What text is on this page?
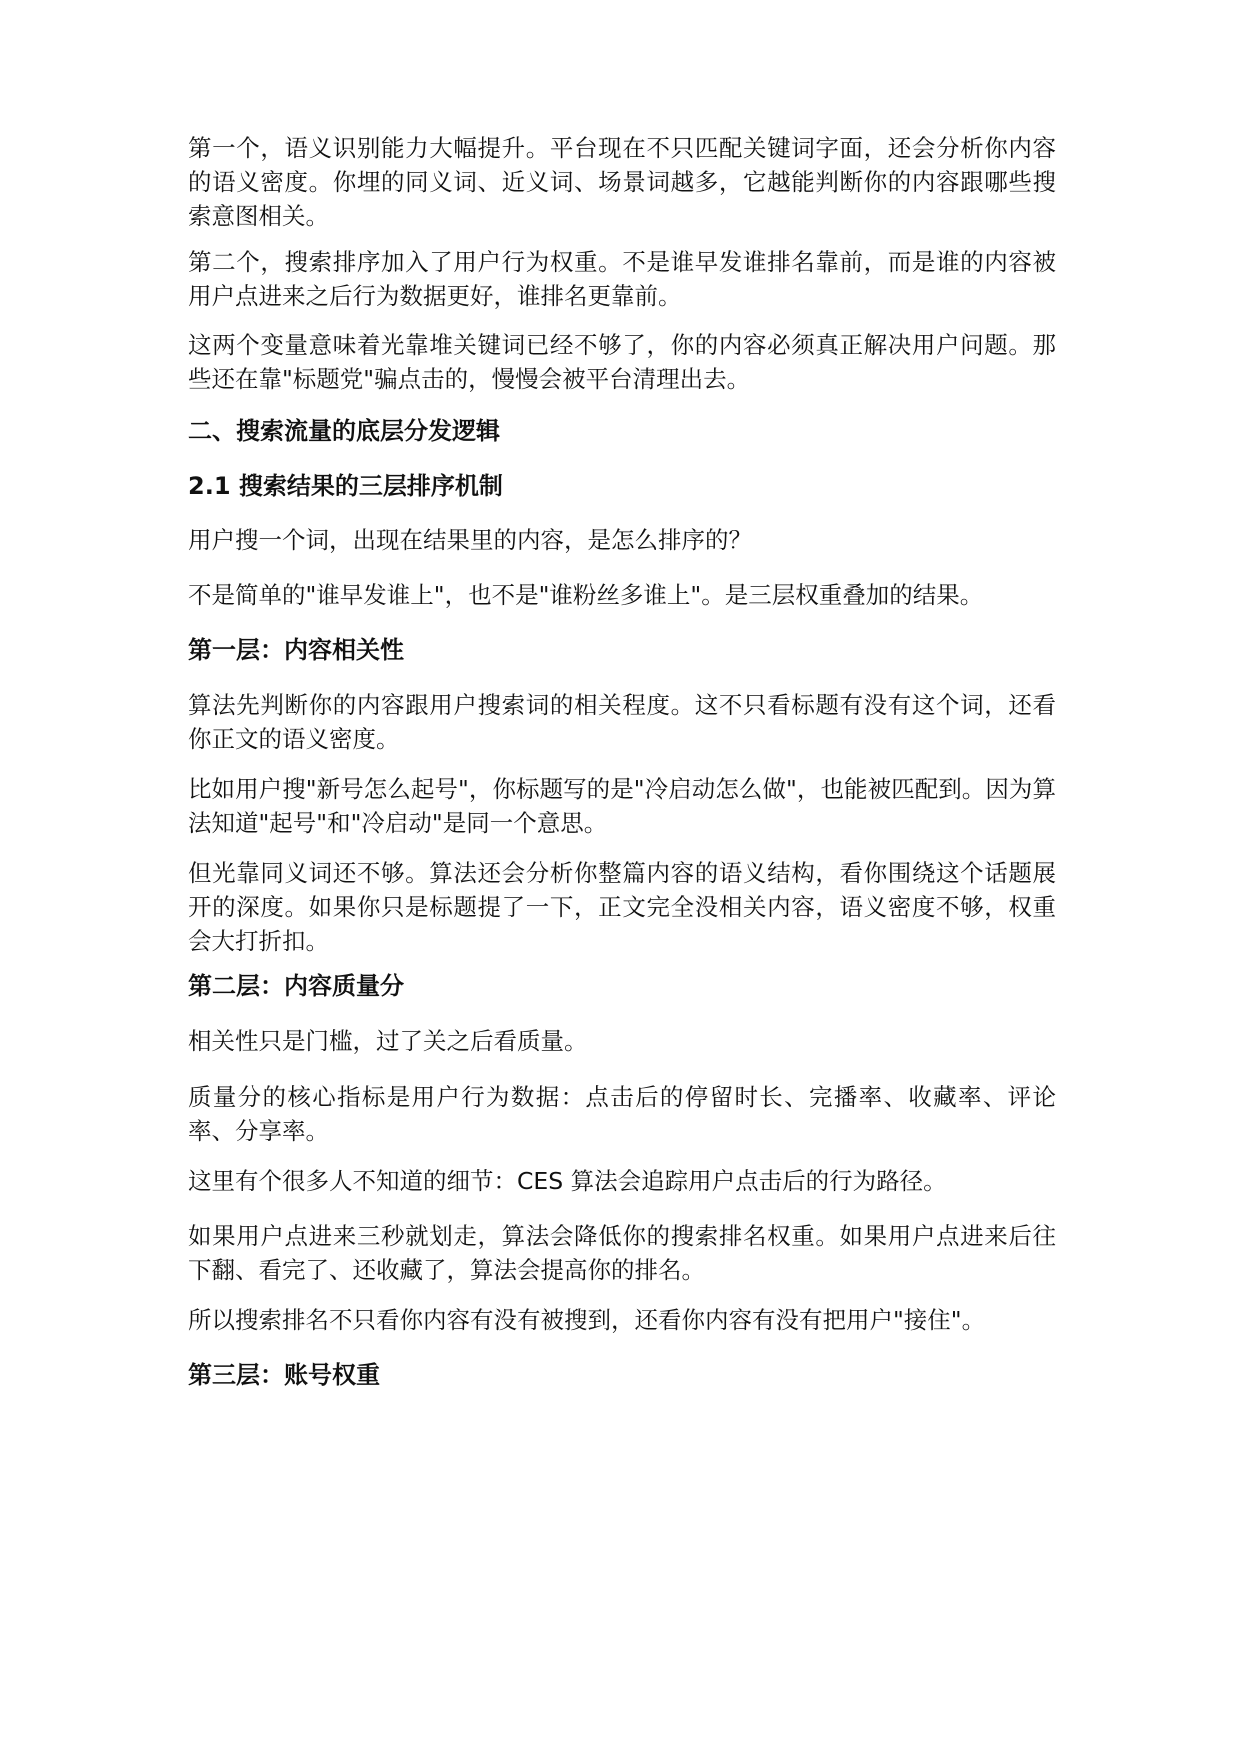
第一个，语义识别能力大幅提升。平台现在不只匹配关键词字面，还会分析你内容的语义密度。你埋的同义词、近义词、场景词越多，它越能判断你的内容跟哪些搜索意图相关。

第二个，搜索排序加入了用户行为权重。不是谁早发谁排名靠前，而是谁的内容被用户点进来之后行为数据更好，谁排名更靠前。

这两个变量意味着光靠堆关键词已经不够了，你的内容必须真正解决用户问题。那些还在靠"标题党"骗点击的，慢慢会被平台清理出去。

二、搜索流量的底层分发逻辑
2.1 搜索结果的三层排序机制

用户搜一个词，出现在结果里的内容，是怎么排序的？

不是简单的"谁早发谁上"，也不是"谁粉丝多谁上"。是三层权重叠加的结果。

第一层：内容相关性

算法先判断你的内容跟用户搜索词的相关程度。这不只看标题有没有这个词，还看你正文的语义密度。

比如用户搜"新号怎么起号"，你标题写的是"冷启动怎么做"，也能被匹配到。因为算法知道"起号"和"冷启动"是同一个意思。

但光靠同义词还不够。算法还会分析你整篇内容的语义结构，看你围绕这个话题展开的深度。如果你只是标题提了一下，正文完全没相关内容，语义密度不够，权重会大打折扣。

第二层：内容质量分

相关性只是门槛，过了关之后看质量。

质量分的核心指标是用户行为数据：点击后的停留时长、完播率、收藏率、评论率、分享率。

这里有个很多人不知道的细节：CES 算法会追踪用户点击后的行为路径。

如果用户点进来三秒就划走，算法会降低你的搜索排名权重。如果用户点进来后往下翻、看完了、还收藏了，算法会提高你的排名。

所以搜索排名不只看你内容有没有被搜到，还看你内容有没有把用户"接住"。

第三层：账号权重
